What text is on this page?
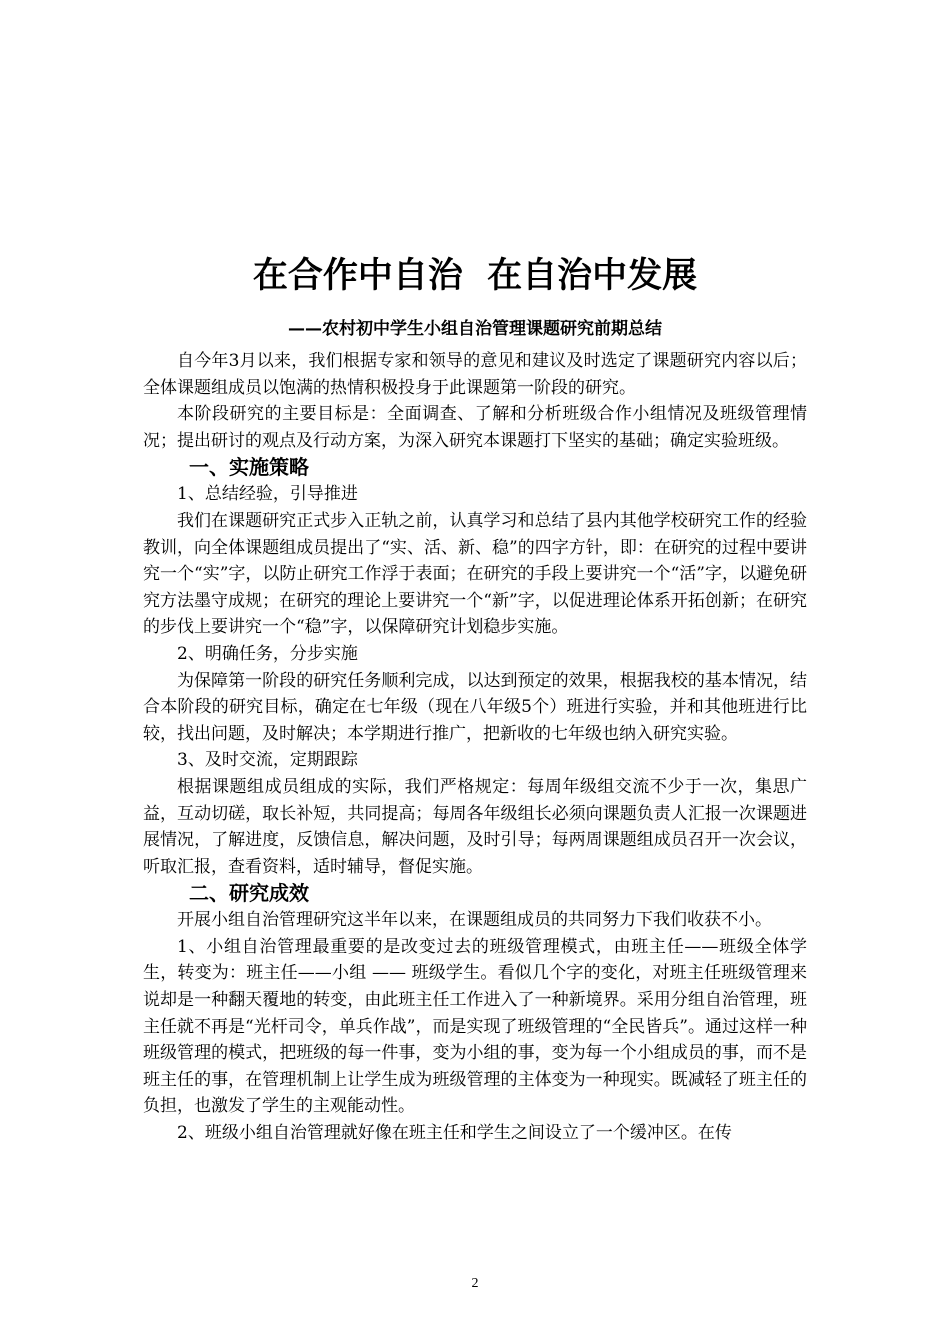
在合作中自治  在自治中发展
——农村初中学生小组自治管理课题研究前期总结

自今年3月以来，我们根据专家和领导的意见和建议及时选定了课题研究内容以后；全体课题组成员以饱满的热情积极投身于此课题第一阶段的研究。

本阶段研究的主要目标是：全面调查、了解和分析班级合作小组情况及班级管理情况；提出研讨的观点及行动方案，为深入研究本课题打下坚实的基础；确定实验班级。

一、实施策略
1、总结经验，引导推进

我们在课题研究正式步入正轨之前，认真学习和总结了县内其他学校研究工作的经验教训，向全体课题组成员提出了“实、活、新、稳”的四字方针，即：在研究的过程中要讲究一个“实”字，以防止研究工作浮于表面；在研究的手段上要讲究一个“活”字，以避免研究方法墨守成规；在研究的理论上要讲究一个“新”字，以促进理论体系开拓创新；在研究的步伐上要讲究一个“稳”字，以保障研究计划稳步实施。

2、明确任务，分步实施

为保障第一阶段的研究任务顺利完成，以达到预定的效果，根据我校的基本情况，结合本阶段的研究目标，确定在七年级（现在八年级5个）班进行实验，并和其他班进行比较，找出问题，及时解决；本学期进行推广，把新收的七年级也纳入研究实验。

3、及时交流，定期跟踪

根据课题组成员组成的实际，我们严格规定：每周年级组交流不少于一次，集思广益，互动切磋，取长补短，共同提高；每周各年级组长必须向课题负责人汇报一次课题进展情况，了解进度，反馈信息，解决问题，及时引导；每两周课题组成员召开一次会议，听取汇报，查看资料，适时辅导，督促实施。

二、研究成效

开展小组自治管理研究这半年以来，在课题组成员的共同努力下我们收获不小。

1、小组自治管理最重要的是改变过去的班级管理模式，由班主任——班级全体学生，转变为：班主任——小组 —— 班级学生。看似几个字的变化，对班主任班级管理来说却是一种翻天覆地的转变，由此班主任工作进入了一种新境界。采用分组自治管理，班主任就不再是“光杆司令，单兵作战”，而是实现了班级管理的“全民皆兵”。通过这样一种班级管理的模式，把班级的每一件事，变为小组的事，变为每一个小组成员的事，而不是班主任的事，在管理机制上让学生成为班级管理的主体变为一种现实。既减轻了班主任的负担，也激发了学生的主观能动性。

2、班级小组自治管理就好像在班主任和学生之间设立了一个缓冲区。在传

2
